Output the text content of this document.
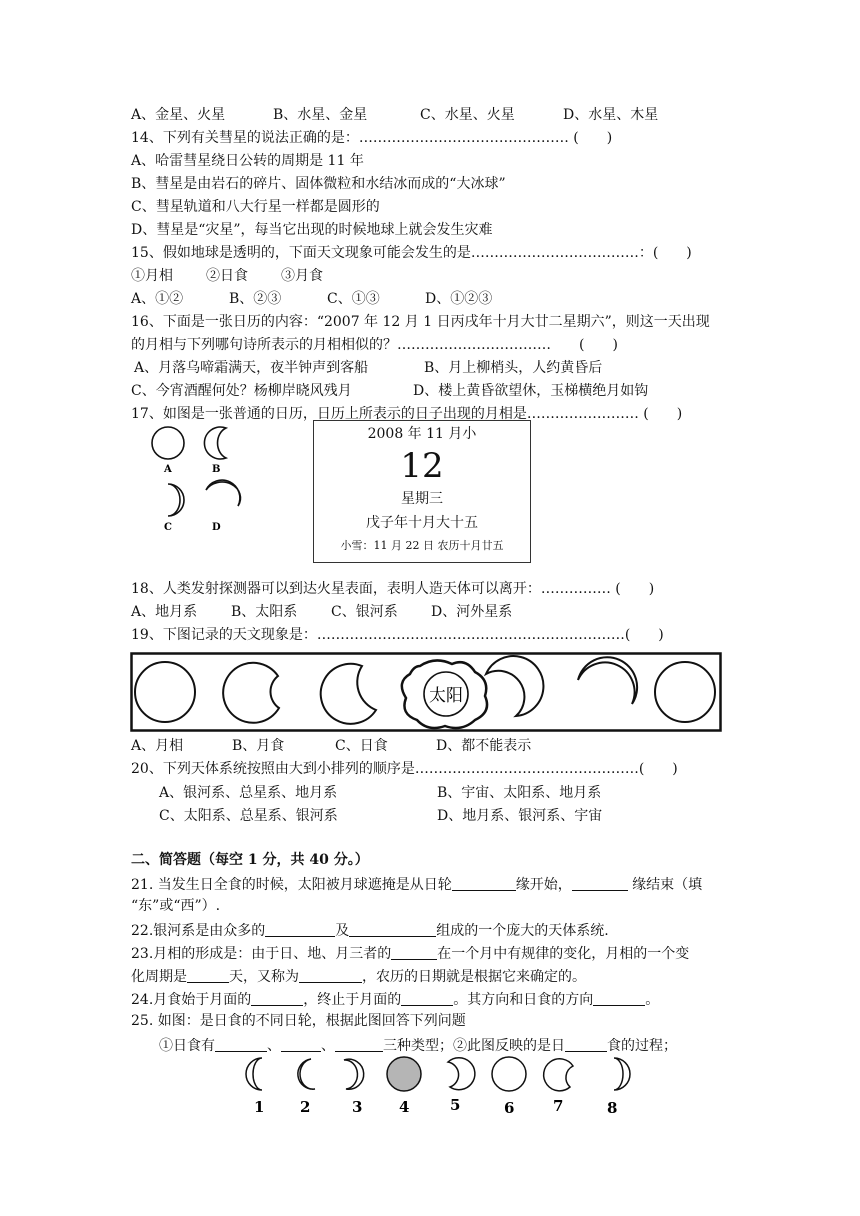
A、金星、火星	B、水星、金星	C、水星、火星	D、水星、木星
14、下列有关彗星的说法正确的是：……………………………………… (　　)
A、哈雷彗星绕日公转的周期是 11 年
B、彗星是由岩石的碎片、固体微粒和水结冰而成的“大冰球”
C、彗星轨道和八大行星一样都是圆形的
D、彗星是“灾星”，每当它出现的时候地球上就会发生灾难
15、假如地球是透明的，下面天文现象可能会发生的是………………………………：(　　)
①月相 ②日食 ③月食
A、①②	B、②③	C、①③	D、①②③
16、下面是一张日历的内容：“2007 年 12 月 1 日丙戌年十月大廿二星期六”，则这一天出现
的月相与下列哪句诗所表示的月相相似的？……………………………　　(　　)
A、月落乌啼霜满天，夜半钟声到客船	B、月上柳梢头，人约黄昏后
C、今宵酒醒何处？杨柳岸晓风残月	D、楼上黄昏欲望休，玉梯横绝月如钩
17、如图是一张普通的日历，日历上所表示的日子出现的月相是…………………… (　　)
A	B
C	D
2008 年 11 月小
12
星期三
戊子年十月大十五
小雪：11 月 22 日 农历十月廿五
18、人类发射探测器可以到达火星表面，表明人造天体可以离开：…………… (　　)
A、地月系 B、太阳系 C、银河系 D、河外星系
19、下图记录的天文现象是：…………………………………………………………(　　)
太阳
A、月相	B、月食	C、日食	D、都不能表示
20、下列天体系统按照由大到小排列的顺序是…………………………………………(　　)
A、银河系、总星系、地月系	B、宇宙、太阳系、地月系
C、太阳系、总星系、银河系	D、地月系、银河系、宇宙
二、简答题（每空 1 分，共 40 分。）
21. 当发生日全食的时候，太阳被月球遮掩是从日轮	缘开始，	缘结束（填
“东”或“西”）.
22.银河系是由众多的	及	组成的一个庞大的天体系统.
23.月相的形成是：由于日、地、月三者的	在一个月中有规律的变化，月相的一个变
化周期是	天，又称为	，农历的日期就是根据它来确定的。
24.月食始于月面的	，终止于月面的	。其方向和日食的方向	。
25. 如图：是日食的不同日轮，根据此图回答下列问题
①日食有	、	、	三种类型；②此图反映的是日	食的过程；
1 2	3 4	5	6	7	8
